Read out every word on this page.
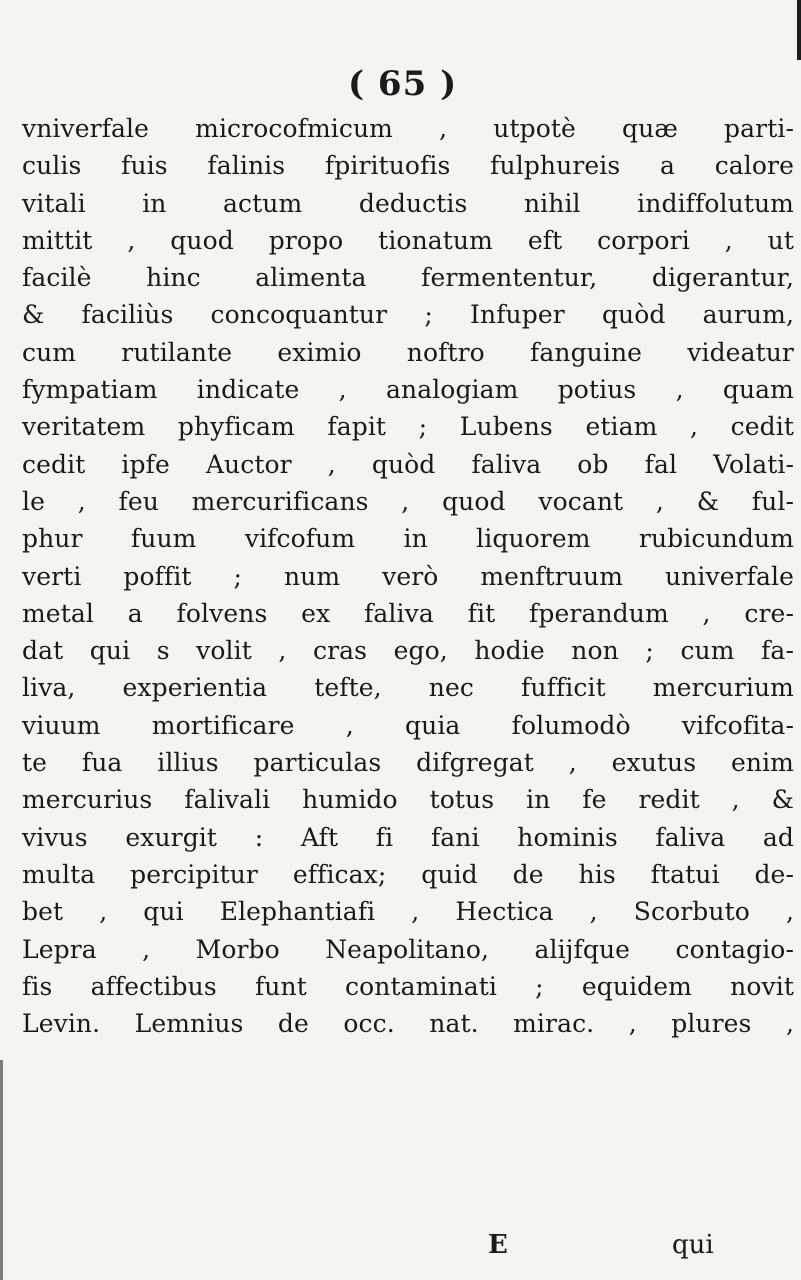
( 65 )
vniverfale microcofmicum , utpotè quæ parti-
culis fuis falinis fpirituofis fulphureis a calore
vitali in actum deductis nihil indiffolutum
mittit , quod propo tionatum eft corpori , ut
facilè hinc alimenta fermententur, digerantur,
& faciliùs concoquantur ; Infuper quòd aurum,
cum rutilante eximio noftro fanguine videatur
fympatiam indicate , analogiam potius , quam
veritatem phyficam fapit ; Lubens etiam , cedit
cedit ipfe Auctor , quòd faliva ob fal Volati-
le , feu mercurificans , quod vocant , & ful-
phur fuum vifcofum in liquorem rubicundum
verti poffit ; num verò menftruum univerfale
metal a folvens ex faliva fit fperandum , cre-
dat qui s volit , cras ego, hodie non ; cum fa-
liva, experientia tefte, nec fufficit mercurium
viuum mortificare , quia folumodò vifcofita-
te fua illius particulas difgregat , exutus enim
mercurius falivali humido totus in fe redit , &
vivus exurgit : Aft fi fani hominis faliva ad
multa percipitur efficax; quid de his ftatui de-
bet , qui Elephantiafi , Hectica , Scorbuto ,
Lepra , Morbo Neapolitano, alijfque contagio-
fis affectibus funt contaminati ; equidem novit
Levin. Lemnius de occ. nat. mirac. , plures ,
E	qui
